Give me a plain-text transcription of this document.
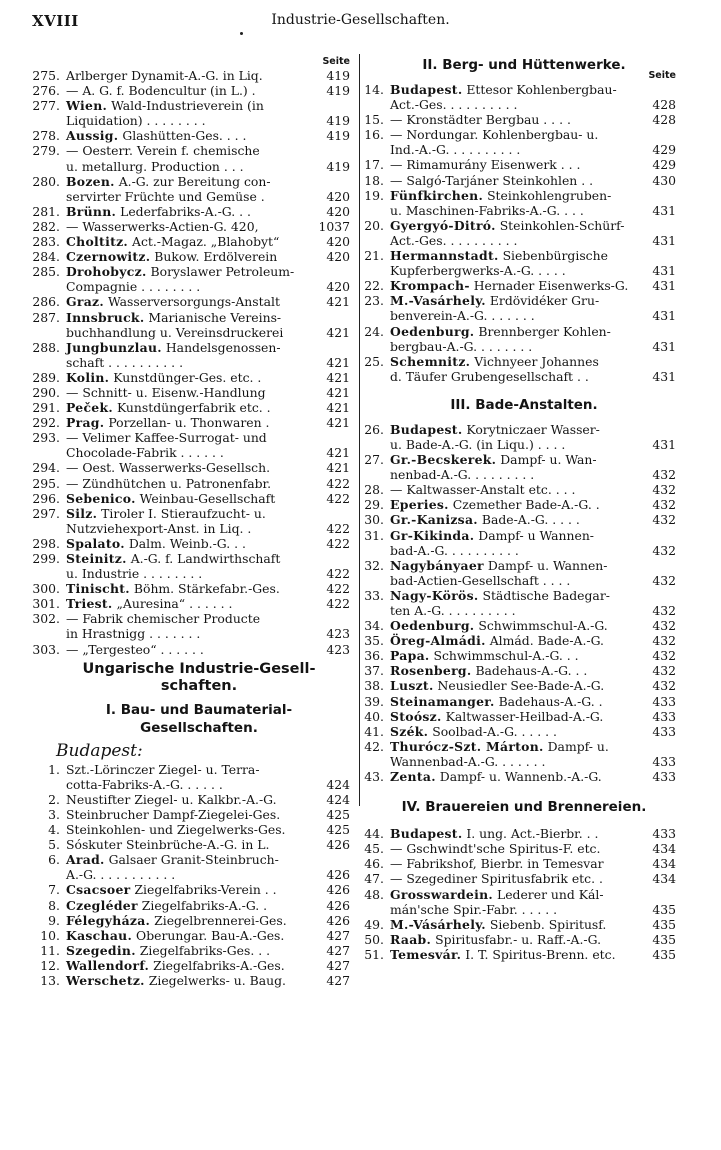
XVIII	Industrie-Gesellschaften.
Seite
275. Arlberger Dynamit-A.-G. in Liq.	419
276. — A. G. f. Bodencultur (in L.) .	419
277. Wien. Wald-Industrieverein (in
Liquidation) . . . . . . . .	419
278. Aussig. Glashütten-Ges. . . .	419
279. — Oesterr. Verein f. chemische
u. metallurg. Production . . .	419
280. Bozen. A.-G. zur Bereitung con-
servirter Früchte und Gemüse .	420
281. Brünn. Lederfabriks-A.-G. . .	420
282. — Wasserwerks-Actien-G. 420,	1037
283. Choltitz. Act.-Magaz. „Blahobyt“	420
284. Czernowitz. Bukow. Erdölverein	420
285. Drohobycz. Boryslawer Petroleum-
Compagnie . . . . . . . .	420
286. Graz. Wasserversorgungs-Anstalt	421
287. Innsbruck. Marianische Vereins-
buchhandlung u. Vereinsdruckerei	421
288. Jungbunzlau. Handelsgenossen-
schaft . . . . . . . . . .	421
289. Kolin. Kunstdünger-Ges. etc. .	421
290. — Schnitt- u. Eisenw.-Handlung	421
291. Peček. Kunstdüngerfabrik etc. .	421
292. Prag. Porzellan- u. Thonwaren .	421
293. — Velimer Kaffee-Surrogat- und
Chocolade-Fabrik . . . . . .	421
294. — Oest. Wasserwerks-Gesellsch.	421
295. — Zündhütchen u. Patronenfabr.	422
296. Sebenico. Weinbau-Gesellschaft	422
297. Silz. Tiroler I. Stieraufzucht- u.
Nutzviehexport-Anst. in Liq. .	422
298. Spalato. Dalm. Weinb.-G. . .	422
299. Steinitz. A.-G. f. Landwirthschaft
u. Industrie . . . . . . . .	422
300. Tinischt. Böhm. Stärkefabr.-Ges.	422
301. Triest. „Auresina“ . . . . . .	422
302. — Fabrik chemischer Producte
in Hrastnigg . . . . . . .	423
303. — „Tergesteo“ . . . . . .	423
Ungarische Industrie-Gesell-
schaften.
I. Bau- und Baumaterial-Gesellschaften.
Budapest:
1. Szt.-Lörinczer Ziegel- u. Terra-
cotta-Fabriks-A.-G. . . . . .	424
2. Neustifter Ziegel- u. Kalkbr.-A.-G.	424
3. Steinbrucher Dampf-Ziegelei-Ges.	425
4. Steinkohlen- und Ziegelwerks-Ges.	425
5. Sóskuter Steinbrüche-A.-G. in L.	426
6. Arad. Galsaer Granit-Steinbruch-
A.-G. . . . . . . . . . .	426
7. Csacsoer Ziegelfabriks-Verein . .	426
8. Czegléder Ziegelfabriks-A.-G. .	426
9. Félegyháza. Ziegelbrennerei-Ges.	426
10. Kaschau. Oberungar. Bau-A.-Ges.	427
11. Szegedin. Ziegelfabriks-Ges. . .	427
12. Wallendorf. Ziegelfabriks-A.-Ges.	427
13. Werschetz. Ziegelwerks- u. Baug.	427
II. Berg- und Hüttenwerke.
Seite
14. Budapest. Ettesor Kohlenbergbau-
Act.-Ges. . . . . . . . . .	428
15. — Kronstädter Bergbau . . . .	428
16. — Nordungar. Kohlenbergbau- u.
Ind.-A.-G. . . . . . . . . .	429
17. — Rimamurány Eisenwerk . . .	429
18. — Salgó-Tarjáner Steinkohlen . .	430
19. Fünfkirchen. Steinkohlengruben-
u. Maschinen-Fabriks-A.-G. . . .	431
20. Gyergyó-Ditró. Steinkohlen-Schürf-
Act.-Ges. . . . . . . . . .	431
21. Hermannstadt. Siebenbürgische
Kupferbergwerks-A.-G. . . . .	431
22. Krompach- Hernader Eisenwerks-G.	431
23. M.-Vasárhely. Erdövidéker Gru-
benverein-A.-G. . . . . . .	431
24. Oedenburg. Brennberger Kohlen-
bergbau-A.-G. . . . . . . .	431
25. Schemnitz. Vichnyeer Johannes
d. Täufer Grubengesellschaft . .	431
III. Bade-Anstalten.
26. Budapest. Korytniczaer Wasser-
u. Bade-A.-G. (in Liqu.) . . . .	431
27. Gr.-Becskerek. Dampf- u. Wan-
nenbad-A.-G. . . . . . . . .	432
28. — Kaltwasser-Anstalt etc. . . .	432
29. Eperies. Czemether Bade-A.-G. .	432
30. Gr.-Kanizsa. Bade-A.-G. . . . .	432
31. Gr-Kikinda. Dampf- u Wannen-
bad-A.-G. . . . . . . . . .	432
32. Nagybányaer Dampf- u. Wannen-
bad-Actien-Gesellschaft . . . .	432
33. Nagy-Körös. Städtische Badegar-
ten A.-G. . . . . . . . . .	432
34. Oedenburg. Schwimmschul-A.-G.	432
35. Öreg-Almádi. Almád. Bade-A.-G.	432
36. Papa. Schwimmschul-A.-G. . .	432
37. Rosenberg. Badehaus-A.-G. . .	432
38. Luszt. Neusiedler See-Bade-A.-G.	432
39. Steinamanger. Badehaus-A.-G. .	433
40. Stoósz. Kaltwasser-Heilbad-A.-G.	433
41. Szék. Soolbad-A.-G. . . . . .	433
42. Thurócz-Szt. Márton. Dampf- u.
Wannenbad-A.-G. . . . . . .	433
43. Zenta. Dampf- u. Wannenb.-A.-G.	433
IV. Brauereien und Brennereien.
44. Budapest. I. ung. Act.-Bierbr. . .	433
45. — Gschwindt'sche Spiritus-F. etc.	434
46. — Fabrikshof, Bierbr. in Temesvar	434
47. — Szegediner Spiritusfabrik etc. .	434
48. Grosswardein. Lederer und Kál-
mán'sche Spir.-Fabr. . . . . .	435
49. M.-Vásárhely. Siebenb. Spiritusf.	435
50. Raab. Spiritusfabr.- u. Raff.-A.-G.	435
51. Temesvár. I. T. Spiritus-Brenn. etc.	435
